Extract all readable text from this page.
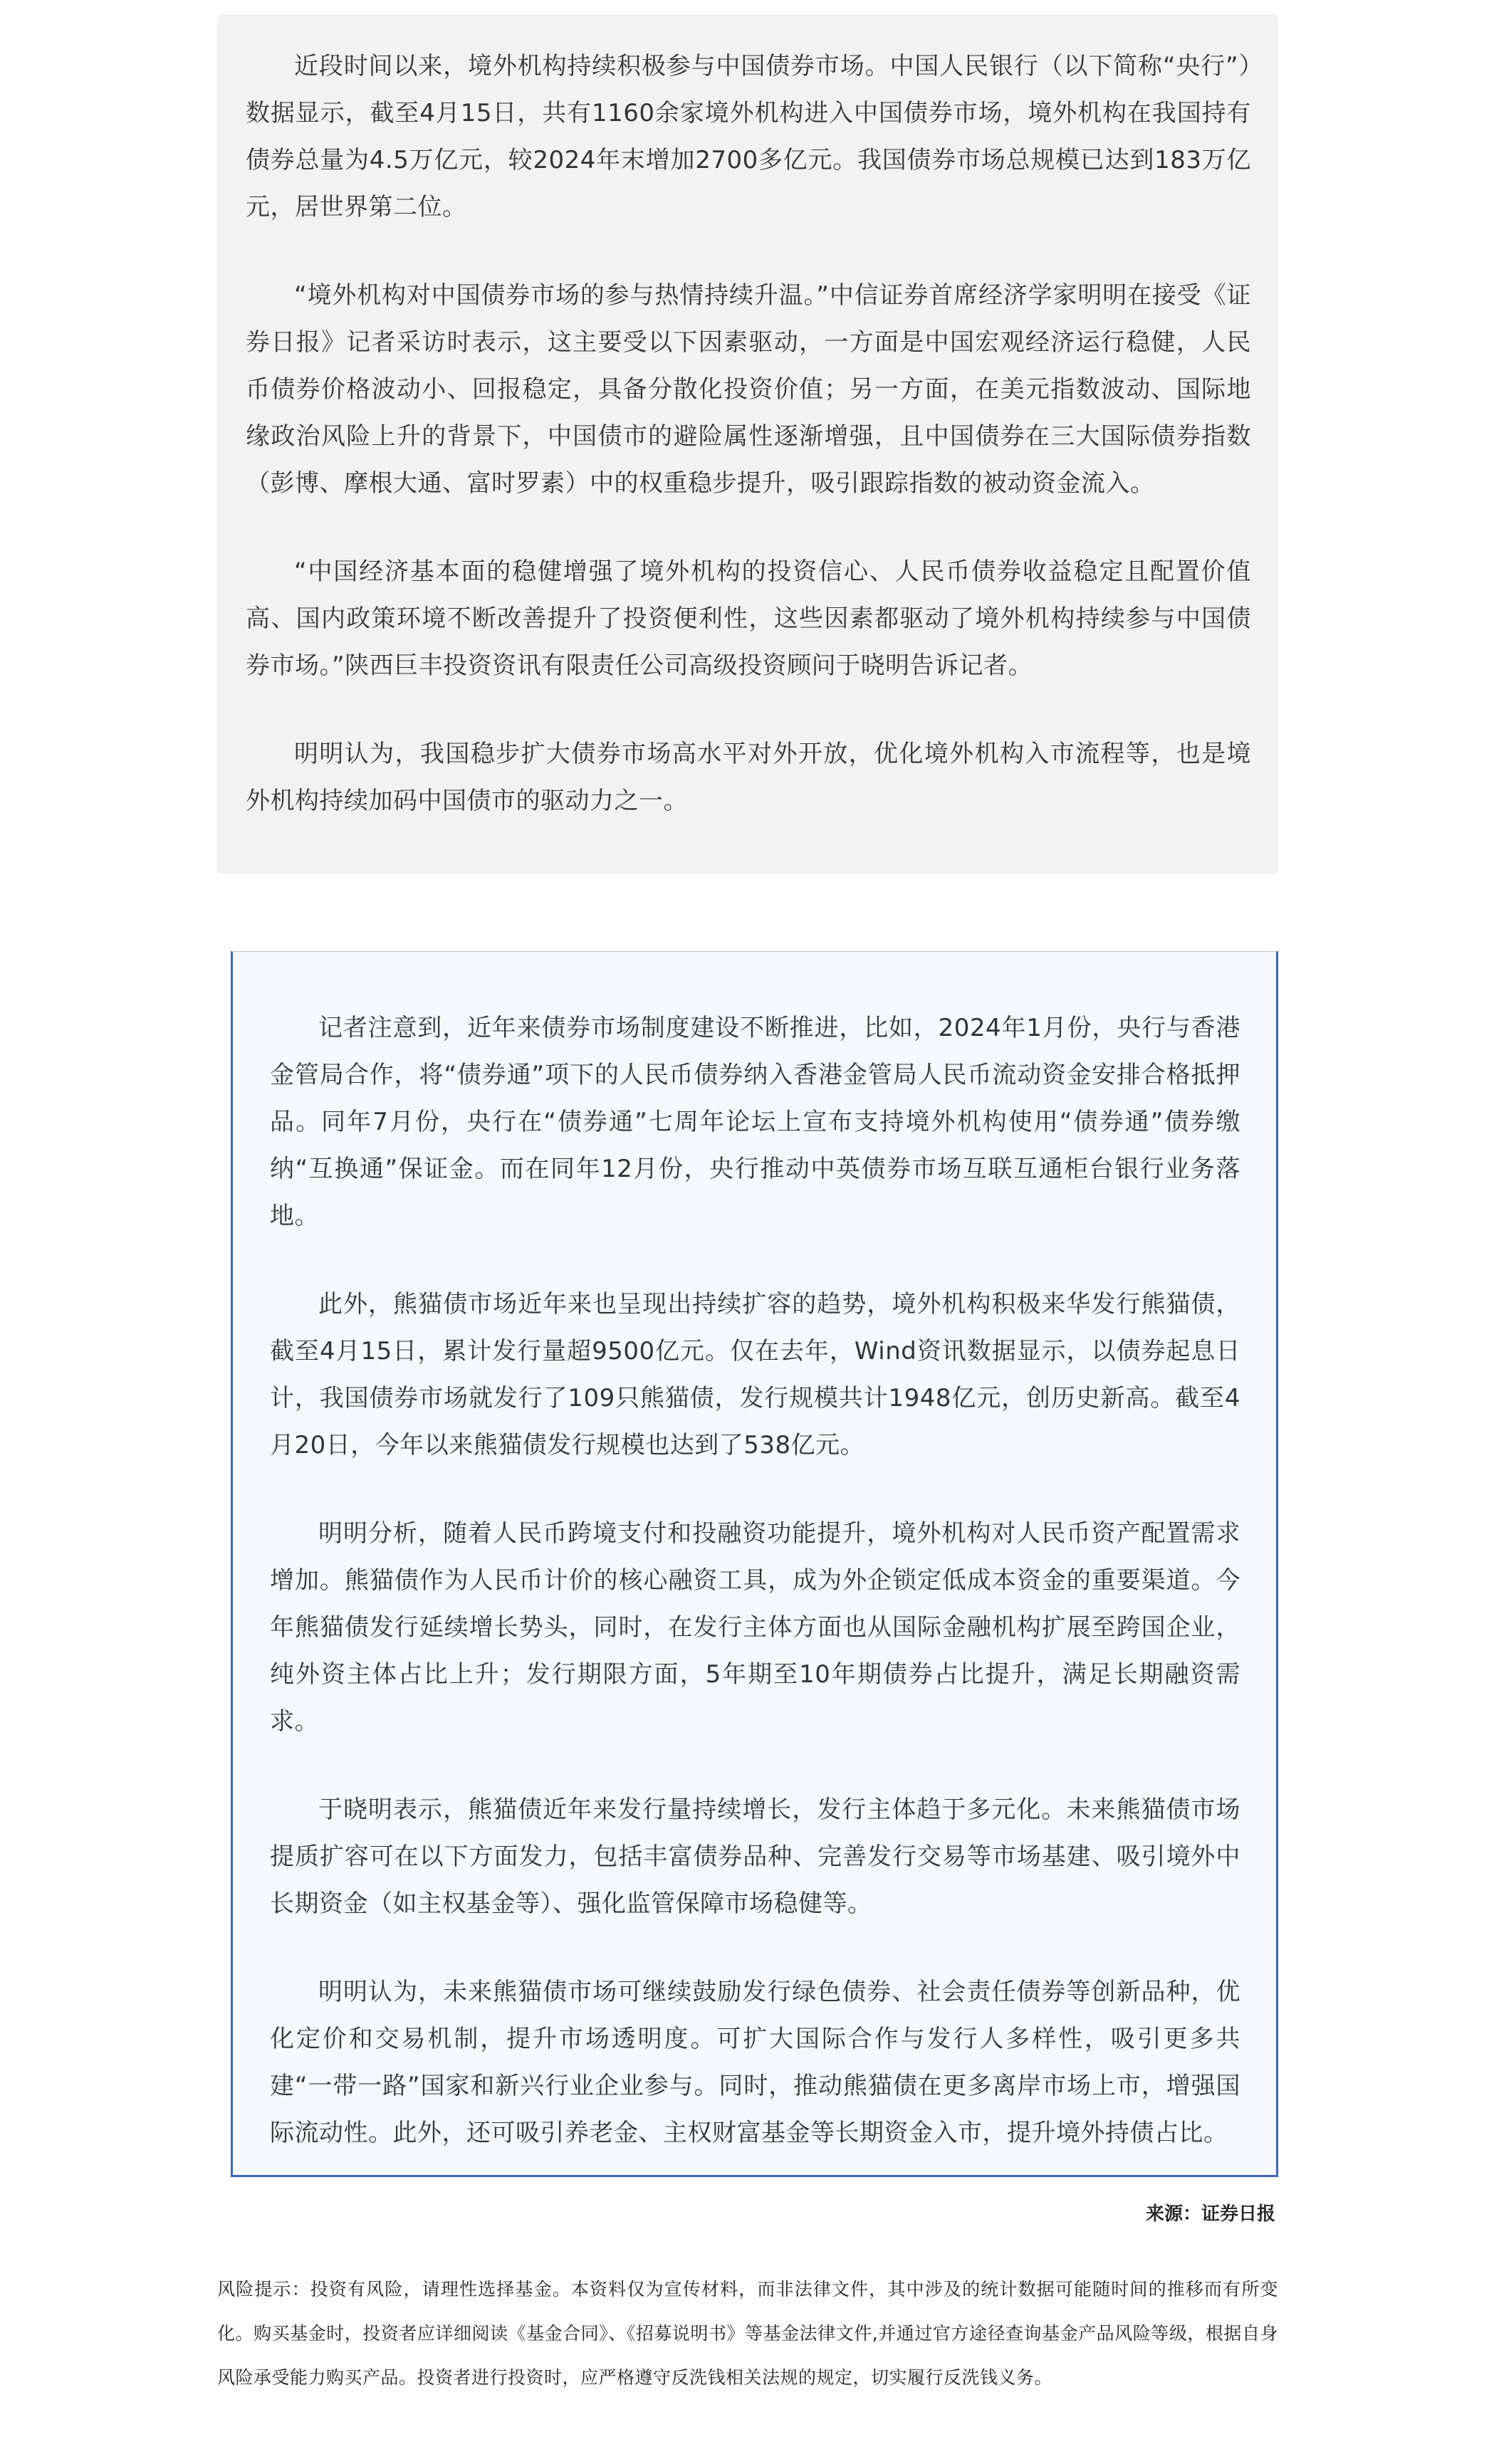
近段时间以来，境外机构持续积极参与中国债券市场。中国人民银行（以下简称“央行”）数据显示，截至4月15日，共有1160余家境外机构进入中国债券市场，境外机构在我国持有债券总量为4.5万亿元，较2024年末增加2700多亿元。我国债券市场总规模已达到183万亿元，居世界第二位。

“境外机构对中国债券市场的参与热情持续升温。”中信证券首席经济学家明明在接受《证券日报》记者采访时表示，这主要受以下因素驱动，一方面是中国宏观经济运行稳健，人民币债券价格波动小、回报稳定，具备分散化投资价值；另一方面，在美元指数波动、国际地缘政治风险上升的背景下，中国债市的避险属性逐渐增强，且中国债券在三大国际债券指数（彭博、摩根大通、富时罗素）中的权重稳步提升，吸引跟踪指数的被动资金流入。

“中国经济基本面的稳健增强了境外机构的投资信心、人民币债券收益稳定且配置价值高、国内政策环境不断改善提升了投资便利性，这些因素都驱动了境外机构持续参与中国债券市场。”陕西巨丰投资资讯有限责任公司高级投资顾问于晓明告诉记者。

明明认为，我国稳步扩大债券市场高水平对外开放，优化境外机构入市流程等，也是境外机构持续加码中国债市的驱动力之一。

记者注意到，近年来债券市场制度建设不断推进，比如，2024年1月份，央行与香港金管局合作，将“债券通”项下的人民币债券纳入香港金管局人民币流动资金安排合格抵押品。同年7月份，央行在“债券通”七周年论坛上宣布支持境外机构使用“债券通”债券缴纳“互换通”保证金。而在同年12月份，央行推动中英债券市场互联互通柜台银行业务落地。

此外，熊猫债市场近年来也呈现出持续扩容的趋势，境外机构积极来华发行熊猫债，截至4月15日，累计发行量超9500亿元。仅在去年，Wind资讯数据显示，以债券起息日计，我国债券市场就发行了109只熊猫债，发行规模共计1948亿元，创历史新高。截至4月20日，今年以来熊猫债发行规模也达到了538亿元。

明明分析，随着人民币跨境支付和投融资功能提升，境外机构对人民币资产配置需求增加。熊猫债作为人民币计价的核心融资工具，成为外企锁定低成本资金的重要渠道。今年熊猫债发行延续增长势头，同时，在发行主体方面也从国际金融机构扩展至跨国企业，纯外资主体占比上升；发行期限方面，5年期至10年期债券占比提升，满足长期融资需求。

于晓明表示，熊猫债近年来发行量持续增长，发行主体趋于多元化。未来熊猫债市场提质扩容可在以下方面发力，包括丰富债券品种、完善发行交易等市场基建、吸引境外中长期资金（如主权基金等）、强化监管保障市场稳健等。

明明认为，未来熊猫债市场可继续鼓励发行绿色债券、社会责任债券等创新品种，优化定价和交易机制，提升市场透明度。可扩大国际合作与发行人多样性，吸引更多共建“一带一路”国家和新兴行业企业参与。同时，推动熊猫债在更多离岸市场上市，增强国际流动性。此外，还可吸引养老金、主权财富基金等长期资金入市，提升境外持债占比。

来源：证券日报

风险提示：投资有风险，请理性选择基金。本资料仅为宣传材料，而非法律文件，其中涉及的统计数据可能随时间的推移而有所变化。购买基金时，投资者应详细阅读《基金合同》、《招募说明书》等基金法律文件,并通过官方途径查询基金产品风险等级，根据自身风险承受能力购买产品。投资者进行投资时，应严格遵守反洗钱相关法规的规定，切实履行反洗钱义务。
